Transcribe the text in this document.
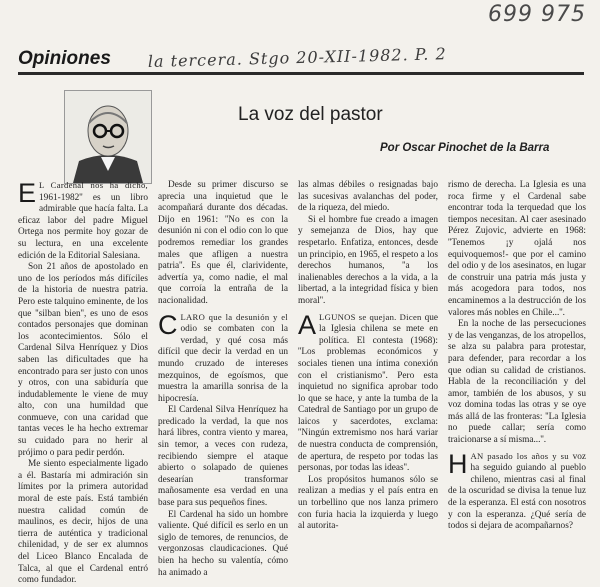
699 975
Opiniones la tercera. Stgo 20-XII-1982. P. 2
La voz del pastor
Por Oscar Pinochet de la Barra

E L Cardenal nos ha dicho, 1961-1982'' es un libro admirable que hacía falta. La eficaz labor del padre Miguel Ortega nos permite hoy gozar de su lectura, en una excelente edición de la Editorial Salesiana.

Son 21 años de apostolado en uno de los períodos más difíciles de la historia de nuestra patria. Pero este talquino eminente, de los que ''silban bien'', es uno de esos contados personajes que dominan los acontecimientos. Sólo el Cardenal Silva Henríquez y Dios saben las dificultades que ha encontrado para ser justo con unos y otros, con una sabiduría que indudablemente le viene de muy alto, con una humildad que conmueve, con una caridad que tantas veces le ha hecho extremar su cuidado para no herir al prójimo o para pedir perdón.

Me siento especialmente ligado a él. Bastaría mi admiración sin límites por la primera autoridad moral de este país. Está también nuestra calidad común de maulinos, es decir, hijos de una tierra de auténtica y tradicional chilenidad, y de ser ex alumnos del Liceo Blanco Encalada de Talca, al que el Cardenal entró como fundador.

Desde su primer discurso se aprecia una inquietud que le acompañará durante dos décadas. Dijo en 1961: ''No es con la desunión ni con el odio con lo que podremos remediar los grandes males que afligen a nuestra patria''. Es que él, clarividente, advertía ya, como nadie, el mal que corroía la entraña de la nacionalidad.

CLARO que la desunión y el odio se combaten con la verdad, y qué cosa más difícil que decir la verdad en un mundo cruzado de intereses mezquinos, de egoísmos, que muestra la amarilla sonrisa de la hipocresía.

El Cardenal Silva Henríquez ha predicado la verdad, la que nos hará libres, contra viento y marea, sin temor, a veces con rudeza, recibiendo siempre el ataque abierto o solapado de quienes desearían transformar mañosamente esa verdad en una base para sus pequeños fines.

El Cardenal ha sido un hombre valiente. Qué difícil es serlo en un siglo de temores, de renuncios, de vergonzosas claudicaciones. Qué bien ha hecho su valentía, cómo ha animado a

las almas débiles o resignadas bajo las sucesivas avalanchas del poder, de la riqueza, del miedo.

Si el hombre fue creado a imagen y semejanza de Dios, hay que respetarlo. Enfatiza, entonces, desde un principio, en 1965, el respeto a los derechos humanos, ''a los inalienables derechos a la vida, a la libertad, a la integridad física y bien moral''.

ALGUNOS se quejan. Dicen que la Iglesia chilena se mete en política. El contesta (1968): ''Los problemas económicos y sociales tienen una íntima conexión con el cristianismo''. Pero esta inquietud no significa aprobar todo lo que se hace, y ante la tumba de la Catedral de Santiago por un grupo de laicos y sacerdotes, exclama: ''Ningún extremismo nos hará variar de nuestra conducta de comprensión, de apertura, de respeto por todas las personas, por todas las ideas''.

Los propósitos humanos sólo se realizan a medias y el país entra en un torbellino que nos lanza primero con furia hacia la izquierda y luego al autorita-

rismo de derecha. La Iglesia es una roca firme y el Cardenal sabe encontrar toda la terquedad que los tiempos necesitan. Al caer asesinado Pérez Zujovic, advierte en 1968: ''Tenemos ¡y ojalá nos equivoquemos!- que por el camino del odio y de los asesinatos, en lugar de construir una patria más justa y más acogedora para todos, nos encaminemos a la destrucción de los valores más nobles en Chile...''.

En la noche de las persecuciones y de las venganzas, de los atropellos, se alza su palabra para protestar, para defender, para recordar a los que odian su calidad de cristianos. Habla de la reconciliación y del amor, también de los abusos, y su voz domina todas las otras y se oye más allá de las fronteras: ''La Iglesia no puede callar; sería como traicionarse a sí misma...''.

HAN pasado los años y su voz ha seguido guiando al pueblo chileno, mientras casi al final de la oscuridad se divisa la tenue luz de la esperanza. El está con nosotros y con la esperanza. ¿Qué sería de todos si dejara de acompañarnos?
